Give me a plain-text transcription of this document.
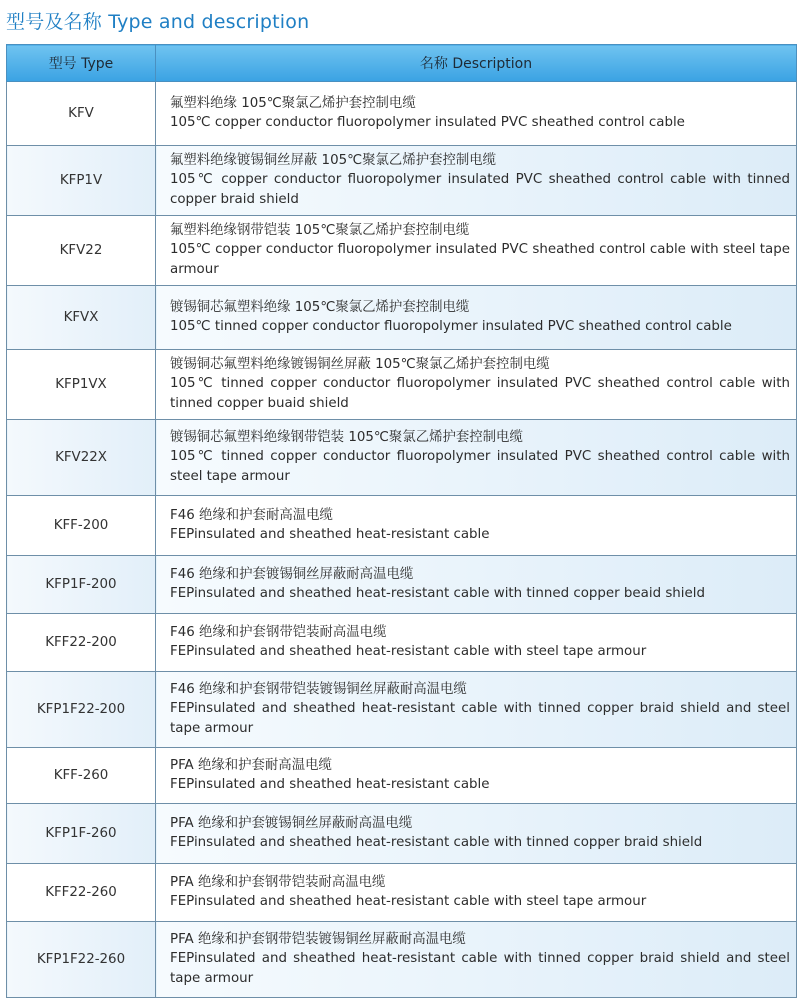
型号及名称 Type and description
型号 Type	名称 Description
KFV	氟塑料绝缘 105℃聚氯乙烯护套控制电缆
105℃ copper conductor fluoropolymer insulated PVC sheathed control cable

KFP1V	氟塑料绝缘镀锡铜丝屏蔽 105℃聚氯乙烯护套控制电缆
105℃ copper conductor fluoropolymer insulated PVC sheathed control cable with tinned copper braid shield

KFV22	氟塑料绝缘钢带铠装 105℃聚氯乙烯护套控制电缆
105℃ copper conductor fluoropolymer insulated PVC sheathed control cable with steel tape armour

KFVX	镀锡铜芯氟塑料绝缘 105℃聚氯乙烯护套控制电缆
105℃ tinned copper conductor fluoropolymer insulated PVC sheathed control cable

KFP1VX	镀锡铜芯氟塑料绝缘镀锡铜丝屏蔽 105℃聚氯乙烯护套控制电缆
105℃ tinned copper conductor fluoropolymer insulated PVC sheathed control cable with tinned copper buaid shield

KFV22X	镀锡铜芯氟塑料绝缘钢带铠装 105℃聚氯乙烯护套控制电缆
105℃ tinned copper conductor fluoropolymer insulated PVC sheathed control cable with steel tape armour

KFF-200	F46 绝缘和护套耐高温电缆
FEPinsulated and sheathed heat-resistant cable

KFP1F-200	F46 绝缘和护套镀锡铜丝屏蔽耐高温电缆
FEPinsulated and sheathed heat-resistant cable with tinned copper beaid shield

KFF22-200	F46 绝缘和护套钢带铠装耐高温电缆
FEPinsulated and sheathed heat-resistant cable with steel tape armour

KFP1F22-200	F46 绝缘和护套钢带铠装镀锡铜丝屏蔽耐高温电缆
FEPinsulated and sheathed heat-resistant cable with tinned copper braid shield and steel tape armour

KFF-260	PFA 绝缘和护套耐高温电缆
FEPinsulated and sheathed heat-resistant cable

KFP1F-260	PFA 绝缘和护套镀锡铜丝屏蔽耐高温电缆
FEPinsulated and sheathed heat-resistant cable with tinned copper braid shield

KFF22-260	PFA 绝缘和护套钢带铠装耐高温电缆
FEPinsulated and sheathed heat-resistant cable with steel tape armour

KFP1F22-260	PFA 绝缘和护套钢带铠装镀锡铜丝屏蔽耐高温电缆
FEPinsulated and sheathed heat-resistant cable with tinned copper braid shield and steel tape armour
